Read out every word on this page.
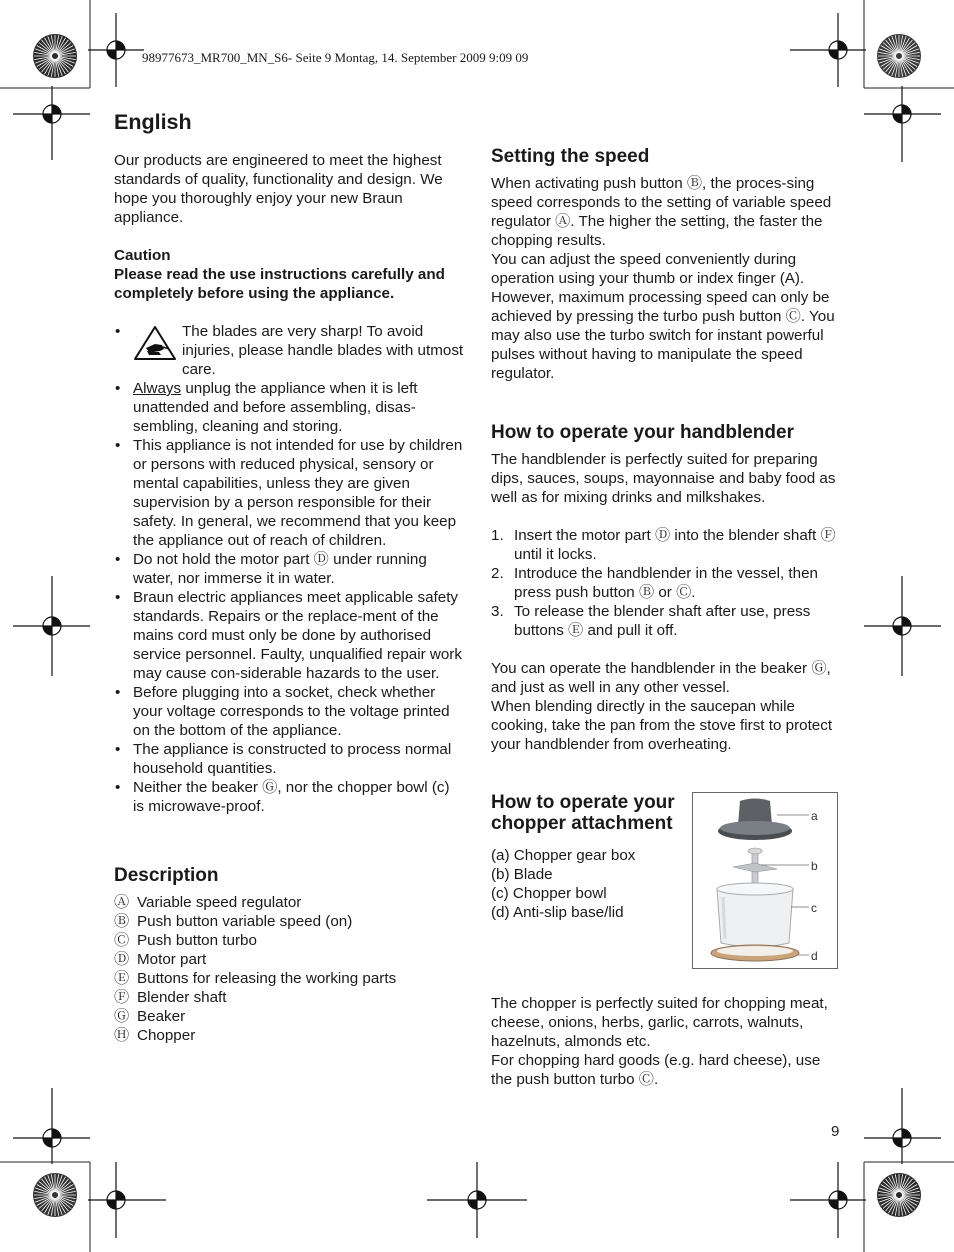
98977673_MR700_MN_S6- Seite 9 Montag, 14. September 2009 9:09 09

English

Our products are engineered to meet the highest standards of quality, functionality and design. We hope you thoroughly enjoy your new Braun appliance.

Caution

Please read the use instructions carefully and completely before using the appliance.

• The blades are very sharp! To avoid injuries, please handle blades with utmost care.
• Always unplug the appliance when it is left unattended and before assembling, disas-sembling, cleaning and storing.
• This appliance is not intended for use by children or persons with reduced physical, sensory or mental capabilities, unless they are given supervision by a person responsible for their safety. In general, we recommend that you keep the appliance out of reach of children.
• Do not hold the motor part Ⓓ under running water, nor immerse it in water.
• Braun electric appliances meet applicable safety standards. Repairs or the replace-ment of the mains cord must only be done by authorised service personnel. Faulty, unqualified repair work may cause con-siderable hazards to the user.
• Before plugging into a socket, check whether your voltage corresponds to the voltage printed on the bottom of the appliance.
• The appliance is constructed to process normal household quantities.
• Neither the beaker Ⓖ, nor the chopper bowl (c) is microwave-proof.
Description
Ⓐ Variable speed regulator
Ⓑ Push button variable speed (on)
Ⓒ Push button turbo
Ⓓ Motor part
Ⓔ Buttons for releasing the working parts
Ⓕ Blender shaft
Ⓖ Beaker
Ⓗ Chopper
Setting the speed

When activating push button Ⓑ, the proces-sing speed corresponds to the setting of variable speed regulator Ⓐ. The higher the setting, the faster the chopping results.

You can adjust the speed conveniently during operation using your thumb or index finger (A). However, maximum processing speed can only be achieved by pressing the turbo push button Ⓒ. You may also use the turbo switch for instant powerful pulses without having to manipulate the speed regulator.

How to operate your handblender

The handblender is perfectly suited for preparing dips, sauces, soups, mayonnaise and baby food as well as for mixing drinks and milkshakes.

1. Insert the motor part Ⓓ into the blender shaft Ⓕ until it locks.
2. Introduce the handblender in the vessel, then press push button Ⓑ or Ⓒ.
3. To release the blender shaft after use, press buttons Ⓔ and pull it off.

You can operate the handblender in the beaker Ⓖ, and just as well in any other vessel.

When blending directly in the saucepan while cooking, take the pan from the stove first to protect your handblender from overheating.

How to operate your chopper attachment

(a) Chopper gear box

(b) Blade

(c) Chopper bowl

(d) Anti-slip base/lid

a
b
c
d

The chopper is perfectly suited for chopping meat, cheese, onions, herbs, garlic, carrots, walnuts, hazelnuts, almonds etc.

For chopping hard goods (e.g. hard cheese), use the push button turbo Ⓒ.

9
